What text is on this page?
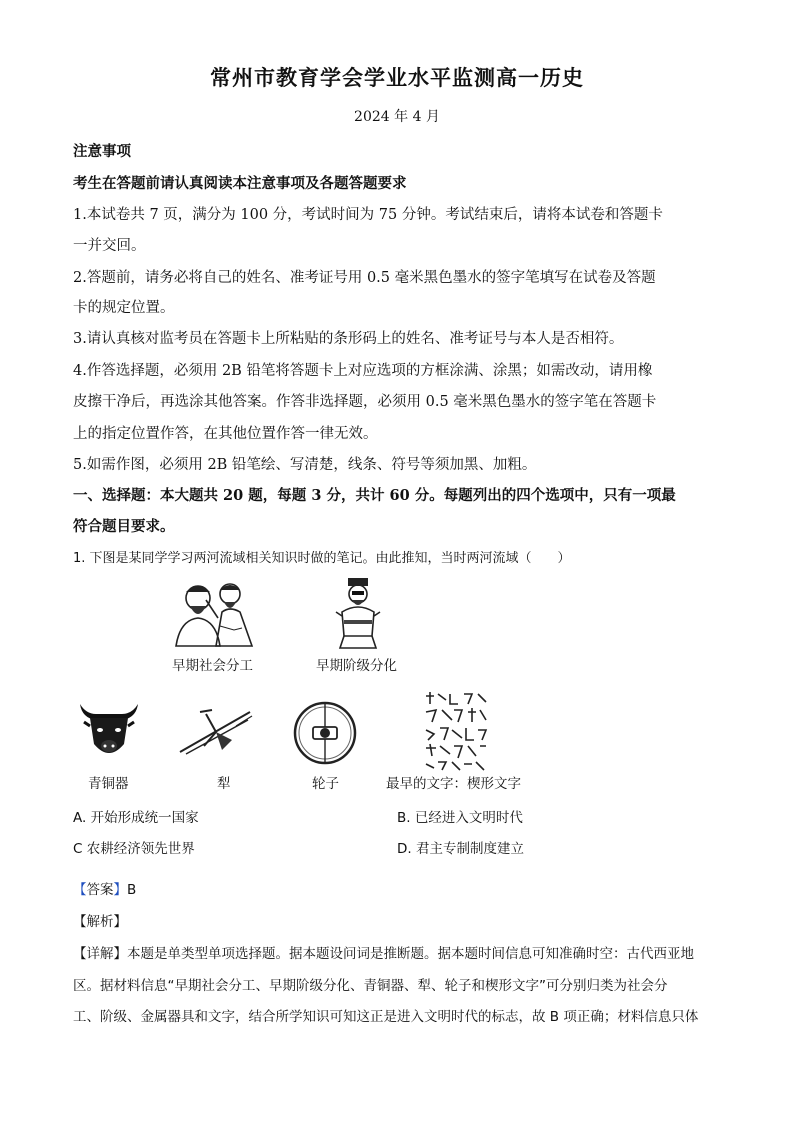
常州市教育学会学业水平监测高一历史
2024 年 4 月
注意事项
考生在答题前请认真阅读本注意事项及各题答题要求
1.本试卷共 7 页，满分为 100 分，考试时间为 75 分钟。考试结束后，请将本试卷和答题卡
一并交回。
2.答题前，请务必将自己的姓名、准考证号用 0.5 毫米黑色墨水的签字笔填写在试卷及答题
卡的规定位置。
3.请认真核对监考员在答题卡上所粘贴的条形码上的姓名、准考证号与本人是否相符。
4.作答选择题，必须用 2B 铅笔将答题卡上对应选项的方框涂满、涂黑；如需改动，请用橡
皮擦干净后，再选涂其他答案。作答非选择题，必须用 0.5 毫米黑色墨水的签字笔在答题卡
上的指定位置作答，在其他位置作答一律无效。
5.如需作图，必须用 2B 铅笔绘、写清楚，线条、符号等须加黑、加粗。
一、选择题：本大题共 20 题，每题 3 分，共计 60 分。每题列出的四个选项中，只有一项最
符合题目要求。
1. 下图是某同学学习两河流域相关知识时做的笔记。由此推知，当时两河流域（　　）
早期社会分工	早期阶级分化
青铜器	犁	轮子	最早的文字：楔形文字
A. 开始形成统一国家	B. 已经进入文明时代
C 农耕经济领先世界	D. 君主专制制度建立
【答案】B
【解析】
【详解】本题是单类型单项选择题。据本题设问词是推断题。据本题时间信息可知准确时空：古代西亚地
区。据材料信息“早期社会分工、早期阶级分化、青铜器、犁、轮子和楔形文字”可分别归类为社会分
工、阶级、金属器具和文字，结合所学知识可知这正是进入文明时代的标志，故 B 项正确；材料信息只体
